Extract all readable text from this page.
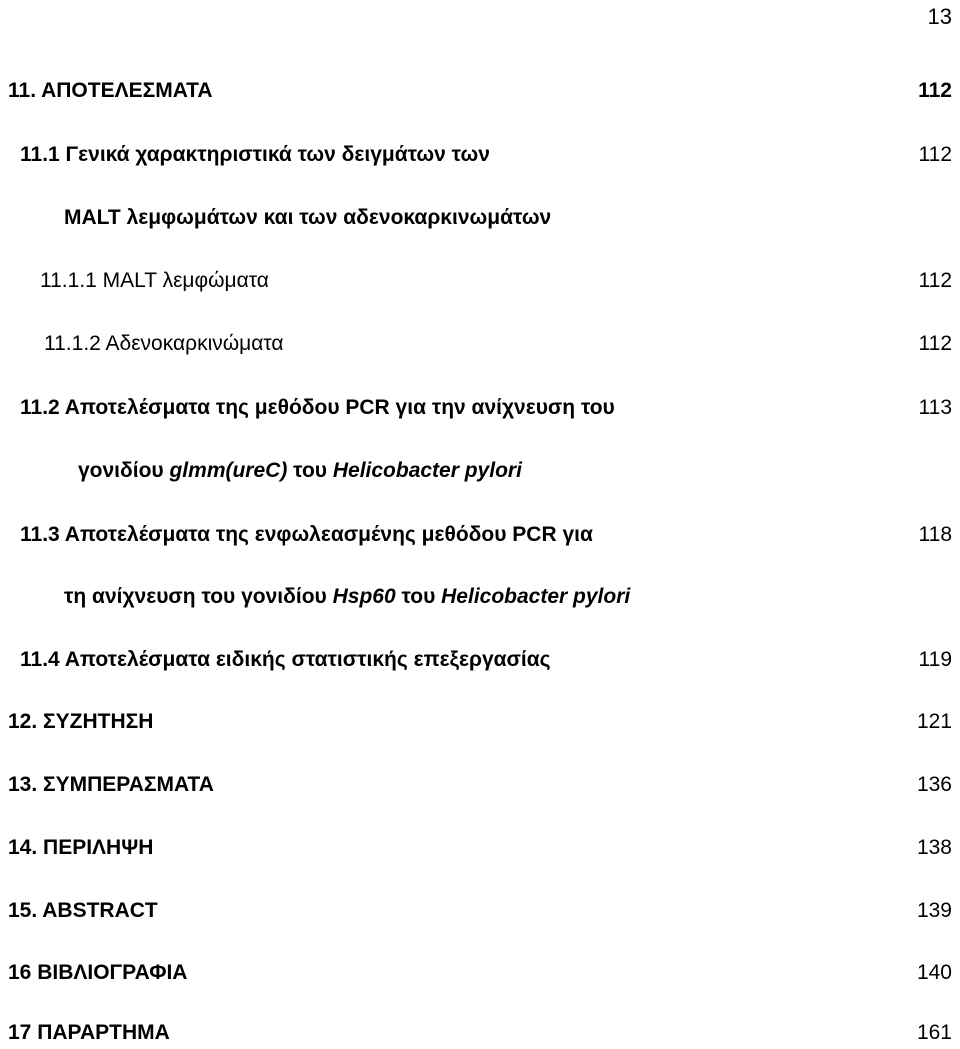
13
11. ΑΠΟΤΕΛΕΣΜΑΤΑ	112
11.1 Γενικά χαρακτηριστικά των δειγμάτων των	112
MALT λεμφωμάτων και των αδενοκαρκινωμάτων
11.1.1 MALT λεμφώματα	112
11.1.2 Αδενοκαρκινώματα	112
11.2 Αποτελέσματα της μεθόδου PCR για την ανίχνευση του	113
γονιδίου glmm(ureC) του Helicobacter pylori
11.3 Αποτελέσματα της ενφωλεασμένης μεθόδου PCR για	118
τη ανίχνευση του γονιδίου Hsp60 του Helicobacter pylori
11.4 Αποτελέσματα ειδικής στατιστικής επεξεργασίας	119
12. ΣΥΖΗΤΗΣΗ	121
13. ΣΥΜΠΕΡΑΣΜΑΤΑ	136
14. ΠΕΡΙΛΗΨΗ	138
15. ABSTRACT	139
16 ΒΙΒΛΙΟΓΡΑΦΙΑ	140
17 ΠΑΡΑΡΤΗΜΑ	161
